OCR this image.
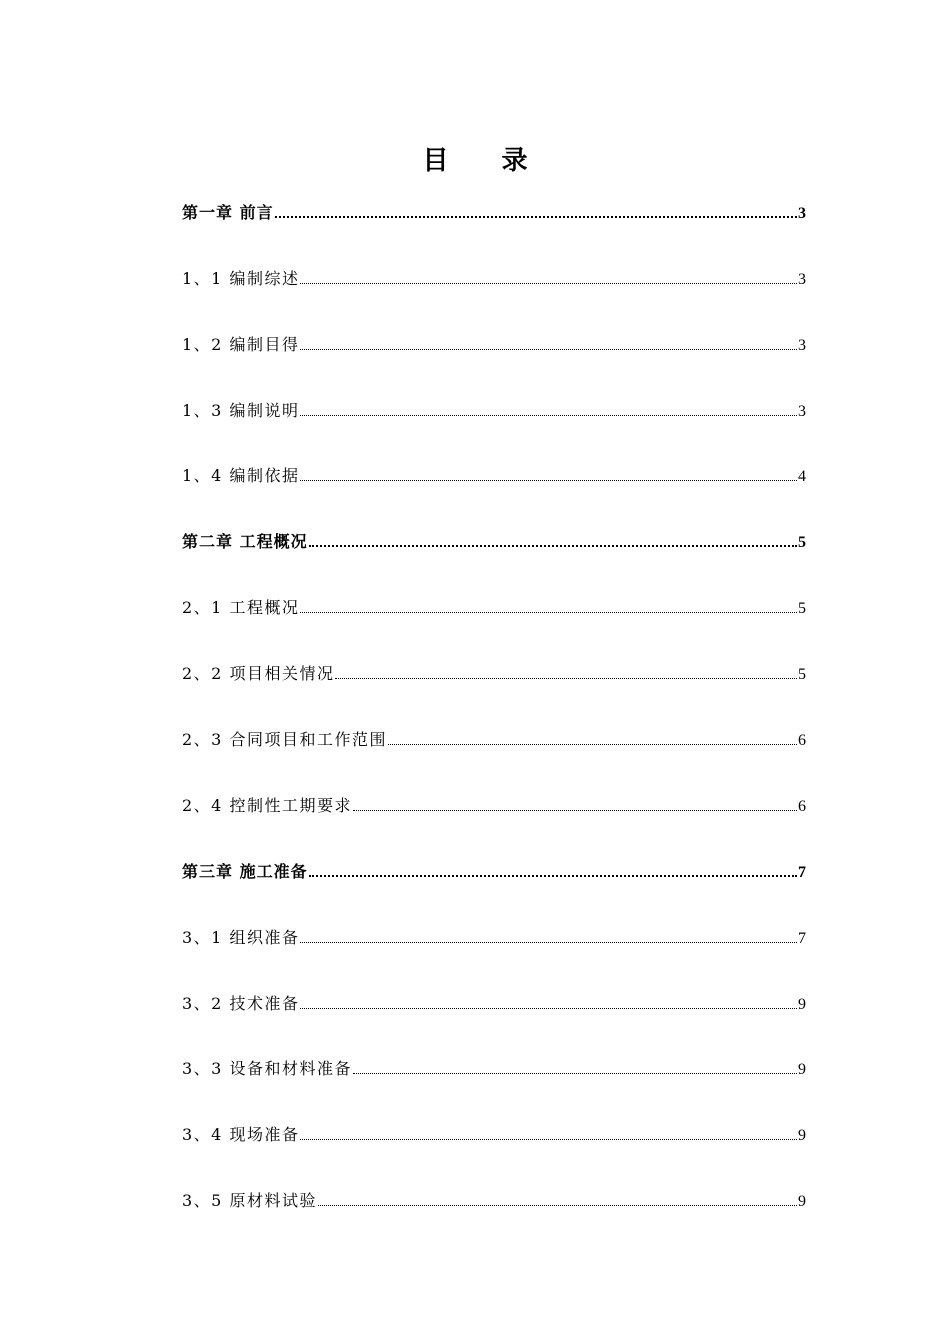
目 录
第一章 前言	3
1、1 编制综述	3
1、2 编制目得	3
1、3 编制说明	3
1、4 编制依据	4
第二章 工程概况	5
2、1 工程概况	5
2、2 项目相关情况	5
2、3 合同项目和工作范围	6
2、4 控制性工期要求	6
第三章 施工准备	7
3、1 组织准备	7
3、2 技术准备	9
3、3 设备和材料准备	9
3、4 现场准备	9
3、5 原材料试验	9
